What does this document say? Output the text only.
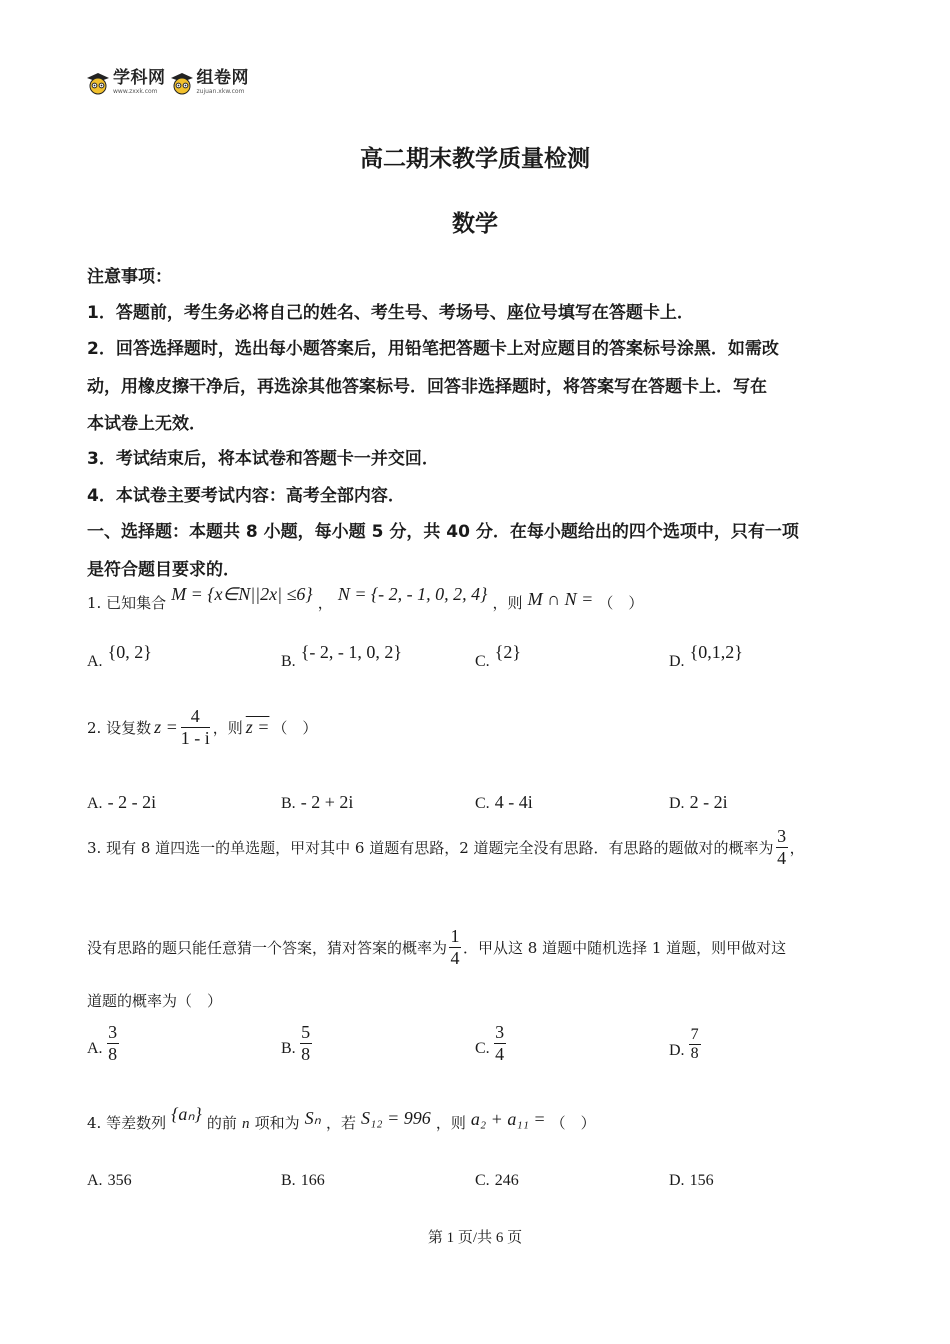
学科网
www.zxxk.com
组卷网
zujuan.xkw.com
高二期末教学质量检测
数学
注意事项：
1．答题前，考生务必将自己的姓名、考生号、考场号、座位号填写在答题卡上．
2．回答选择题时，选出每小题答案后，用铅笔把答题卡上对应题目的答案标号涂黑．如需改
动，用橡皮擦干净后，再选涂其他答案标号．回答非选择题时，将答案写在答题卡上．写在
本试卷上无效．
3．考试结束后，将本试卷和答题卡一并交回．
4．本试卷主要考试内容：高考全部内容．
一、选择题：本题共 8 小题，每小题 5 分，共 40 分．在每小题给出的四个选项中，只有一项
是符合题目要求的．
1. 已知集合 M = {x∈N||2x| ≤6} ， N = {- 2, - 1, 0, 2, 4} ，则 M ∩ N = （　）
A. {0, 2}	B. {- 2, - 1, 0, 2}	C. {2}	D. {0,1,2}
2. 设复数 $z = \frac{4}{1 - i}$ ，则 z = （　）
A. - 2 - 2i	B. - 2 + 2i	C. 4 - 4i	D. 2 - 2i
3. 现有 8 道四选一的单选题，甲对其中 6 道题有思路，2 道题完全没有思路．有思路的题做对的概率为 $\frac{3}{4}$ ，
没有思路的题只能任意猜一个答案，猜对答案的概率为 $\frac{1}{4}$ ．甲从这 8 道题中随机选择 1 道题，则甲做对这
道题的概率为（　）
A. $\frac{3}{8}$	B. $\frac{5}{8}$	C. $\frac{3}{4}$	D. $\frac{7}{8}$
4. 等差数列 {aₙ} 的前 n 项和为 Sₙ ，若 S₁₂ = 996 ，则 a₂ + a₁₁ = （　）
A. 356	B. 166	C. 246	D. 156
第 1 页/共 6 页
